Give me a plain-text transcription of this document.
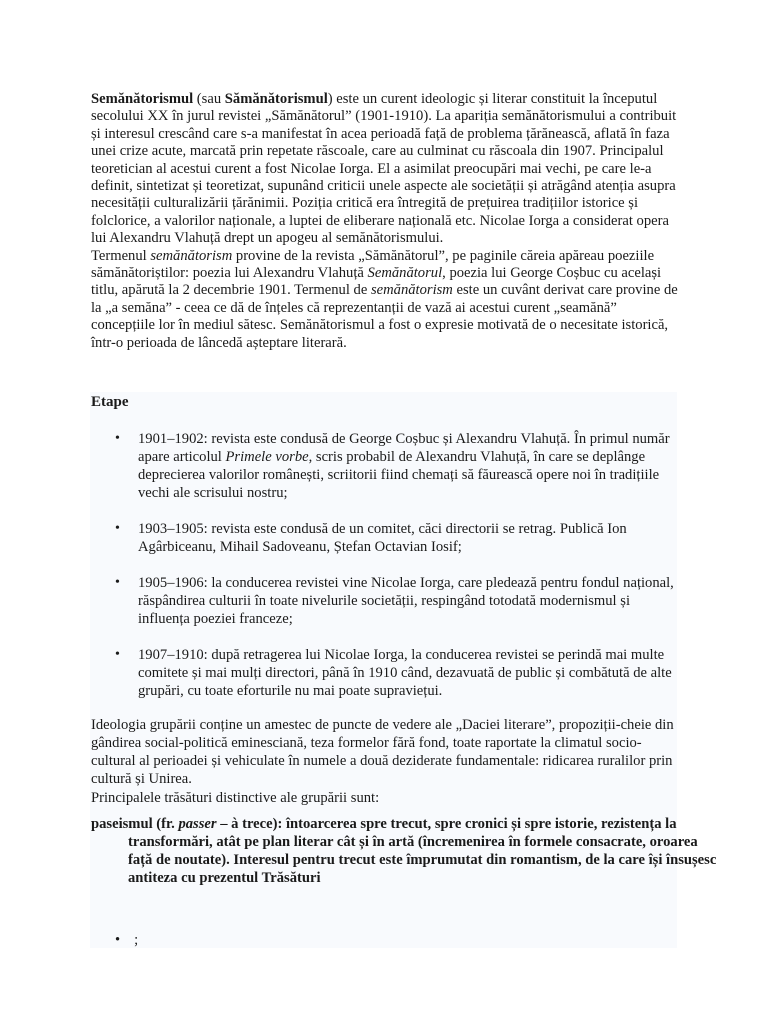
Semănătorismul (sau Sămănătorismul) este un curent ideologic și literar constituit la începutul secolului XX în jurul revistei „Sămănătorul” (1901-1910). La apariția semănătorismului a contribuit și interesul crescând care s-a manifestat în acea perioadă față de problema țărănească, aflată în faza unei crize acute, marcată prin repetate răscoale, care au culminat cu răscoala din 1907. Principalul teoretician al acestui curent a fost Nicolae Iorga. El a asimilat preocupări mai vechi, pe care le-a definit, sintetizat și teoretizat, supunând criticii unele aspecte ale societății și atrăgând atenția asupra necesității culturalizării țărănimii. Poziția critică era întregită de prețuirea tradițiilor istorice și folclorice, a valorilor naționale, a luptei de eliberare națională etc. Nicolae Iorga a considerat opera lui Alexandru Vlahuță drept un apogeu al semănătorismului.

Termenul semănătorism provine de la revista „Sămănătorul”, pe paginile căreia apăreau poeziile sămănătoriștilor: poezia lui Alexandru Vlahuță Semănătorul, poezia lui George Coșbuc cu același titlu, apărută la 2 decembrie 1901. Termenul de semănătorism este un cuvânt derivat care provine de la „a semăna” - ceea ce dă de înțeles că reprezentanții de vază ai acestui curent „seamănă” concepțiile lor în mediul sătesc. Semănătorismul a fost o expresie motivată de o necesitate istorică, într-o perioada de lâncedă așteptare literară.

Etape
• 1901–1902: revista este condusă de George Coșbuc și Alexandru Vlahuță. În primul număr apare articolul Primele vorbe, scris probabil de Alexandru Vlahuță, în care se deplânge deprecierea valorilor românești, scriitorii fiind chemați să făurească opere noi în tradițiile vechi ale scrisului nostru;
• 1903–1905: revista este condusă de un comitet, căci directorii se retrag. Publică Ion Agârbiceanu, Mihail Sadoveanu, Ștefan Octavian Iosif;
• 1905–1906: la conducerea revistei vine Nicolae Iorga, care pledează pentru fondul național, răspândirea culturii în toate nivelurile societății, respingând totodată modernismul și influența poeziei franceze;
• 1907–1910: după retragerea lui Nicolae Iorga, la conducerea revistei se perindă mai multe comitete și mai mulți directori, până în 1910 când, dezavuată de public și combătută de alte grupări, cu toate eforturile nu mai poate supraviețui.

Ideologia grupării conține un amestec de puncte de vedere ale „Daciei literare”, propoziții-cheie din gândirea social-politică eminesciană, teza formelor fără fond, toate raportate la climatul socio-cultural al perioadei și vehiculate în numele a două deziderate fundamentale: ridicarea ruralilor prin cultură și Unirea.

Principalele trăsături distinctive ale grupării sunt:

paseismul (fr. passer – à trece): întoarcerea spre trecut, spre cronici și spre istorie, rezistența la transformări, atât pe plan literar cât și în artă (încremenirea în formele consacrate, oroarea față de noutate). Interesul pentru trecut este împrumutat din romantism, de la care își însușesc antiteza cu prezentul Trăsături

• ;
